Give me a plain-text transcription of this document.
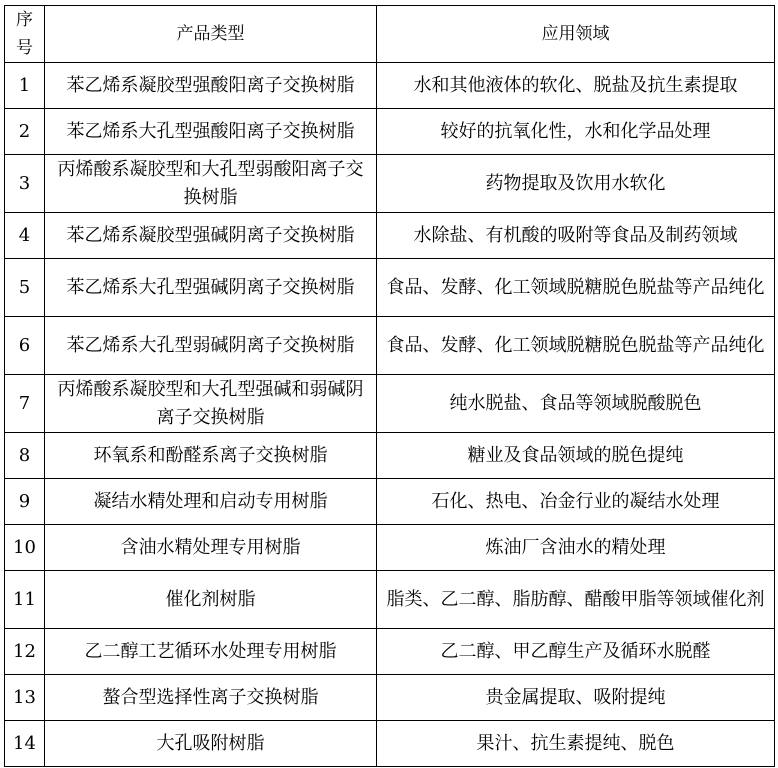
序号	产品类型	应用领域
1	苯乙烯系凝胶型强酸阳离子交换树脂	水和其他液体的软化、脱盐及抗生素提取
2	苯乙烯系大孔型强酸阳离子交换树脂	较好的抗氧化性，水和化学品处理
3	丙烯酸系凝胶型和大孔型弱酸阳离子交换树脂	药物提取及饮用水软化
4	苯乙烯系凝胶型强碱阴离子交换树脂	水除盐、有机酸的吸附等食品及制药领域
5	苯乙烯系大孔型强碱阴离子交换树脂	食品、发酵、化工领域脱糖脱色脱盐等产品纯化
6	苯乙烯系大孔型弱碱阴离子交换树脂	食品、发酵、化工领域脱糖脱色脱盐等产品纯化
7	丙烯酸系凝胶型和大孔型强碱和弱碱阴离子交换树脂	纯水脱盐、食品等领域脱酸脱色
8	环氧系和酚醛系离子交换树脂	糖业及食品领域的脱色提纯
9	凝结水精处理和启动专用树脂	石化、热电、冶金行业的凝结水处理
10	含油水精处理专用树脂	炼油厂含油水的精处理
11	催化剂树脂	脂类、乙二醇、脂肪醇、醋酸甲脂等领域催化剂
12	乙二醇工艺循环水处理专用树脂	乙二醇、甲乙醇生产及循环水脱醛
13	螯合型选择性离子交换树脂	贵金属提取、吸附提纯
14	大孔吸附树脂	果汁、抗生素提纯、脱色
